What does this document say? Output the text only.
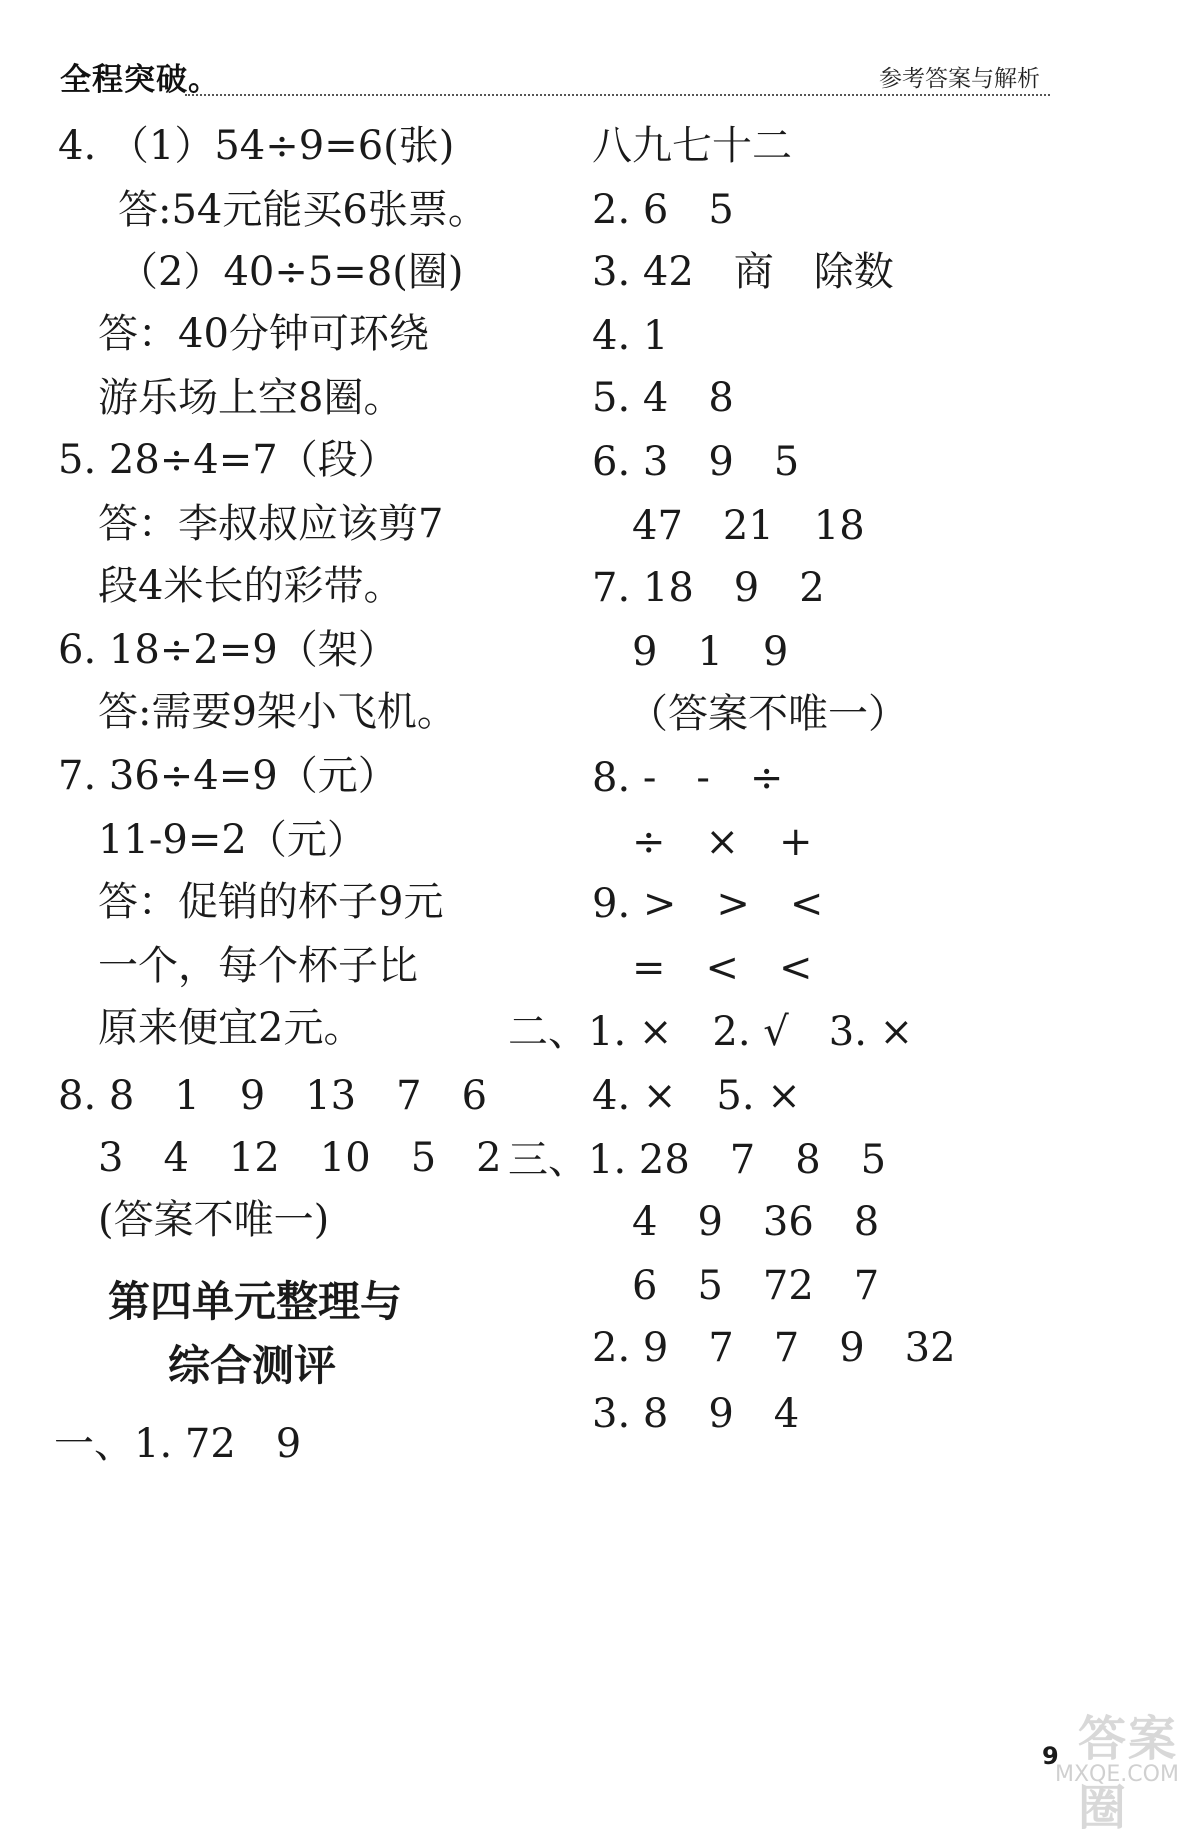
全程突破。	参考答案与解析
4. （1）54÷9=6(张)
答:54元能买6张票。
（2）40÷5=8(圈)
答：40分钟可环绕
游乐场上空8圈。
5. 28÷4=7（段）
答：李叔叔应该剪7
段4米长的彩带。
6. 18÷2=9（架）
答:需要9架小飞机。
7. 36÷4=9（元）
11-9=2（元）
答：促销的杯子9元
一个，每个杯子比
原来便宜2元。
8. 8　1　9　13　7　6
3　4　12　10　5　2
(答案不唯一)
第四单元整理与
综合测评
一、1. 72　9
八九七十二
2. 6　5
3. 42　商　除数
4. 1
5. 4　8
6. 3　9　5
47　21　18
7. 18　9　2
9　1　9
（答案不唯一）
8. -　-　÷
÷　×　+
9. >　>　<
=　<　<
二、1. ×　2. √　3. ×
4. ×　5. ×
三、1. 28　7　8　5
4　9　36　8
6　5　72　7
2. 9　7　7　9　32
3. 8　9　4
答案圈
MXQE.COM
9
